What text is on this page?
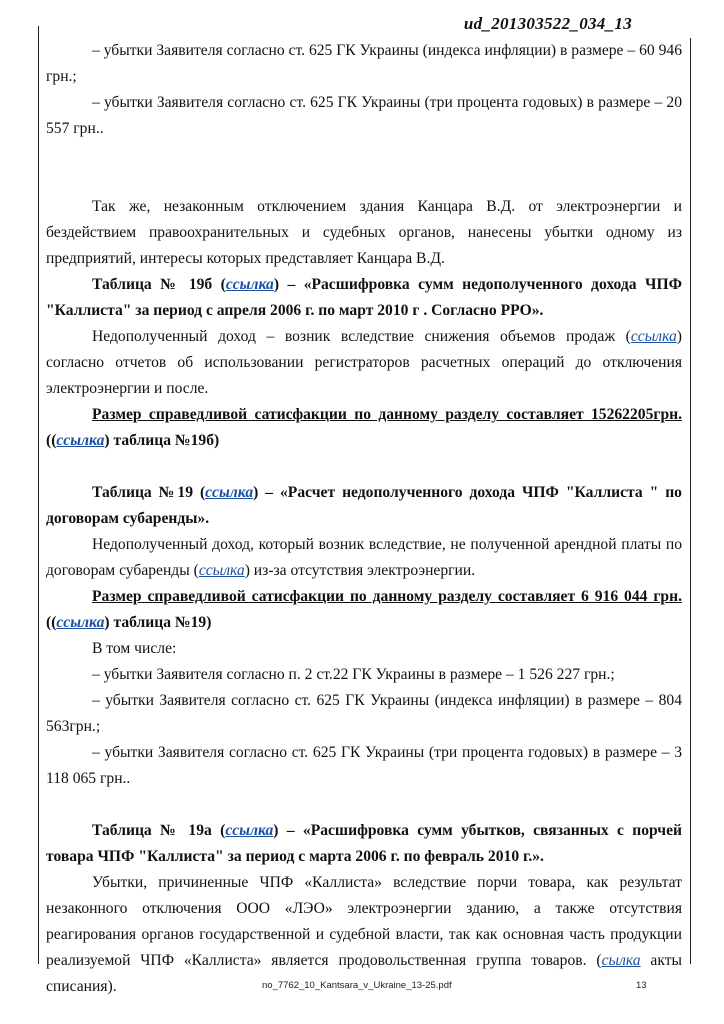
ud_201303522_034_13

– убытки Заявителя согласно ст. 625 ГК Украины (индекса инфляции) в размере – 60 946 грн.;

– убытки Заявителя согласно ст. 625 ГК Украины (три процента годовых) в размере – 20 557 грн..

Так же, незаконным отключением здания Канцара В.Д. от электроэнергии и бездействием правоохранительных и судебных органов, нанесены убытки одному из предприятий, интересы которых представляет Канцара В.Д.

Таблица № 19б (ссылка) – «Расшифровка сумм недополученного дохода ЧПФ "Каллиста" за период с апреля 2006 г. по март 2010 г . Согласно РРО».

Недополученный доход – возник вследствие снижения объемов продаж (ссылка) согласно отчетов об использовании регистраторов расчетных операций до отключения электроэнергии и после.

Размер справедливой сатисфакции по данному разделу составляет 15262205грн. ((ссылка) таблица №19б)

Таблица №19 (ссылка) – «Расчет недополученного дохода ЧПФ "Каллиста " по договорам субаренды».

Недополученный доход, который возник вследствие, не полученной арендной платы по договорам субаренды (ссылка) из-за отсутствия электроэнергии.

Размер справедливой сатисфакции по данному разделу составляет 6 916 044 грн. ((ссылка) таблица №19)

В том числе:

– убытки Заявителя согласно п. 2 ст.22 ГК Украины в размере – 1 526 227 грн.;

– убытки Заявителя согласно ст. 625 ГК Украины (индекса инфляции) в размере – 804 563грн.;

– убытки Заявителя согласно ст. 625 ГК Украины (три процента годовых) в размере – 3 118 065 грн..

Таблица № 19а (ссылка) – «Расшифровка сумм убытков, связанных с порчей товара ЧПФ "Каллиста" за период с марта 2006 г. по февраль 2010 г.».

Убытки, причиненные ЧПФ «Каллиста» вследствие порчи товара, как результат незаконного отключения ООО «ЛЭО» электроэнергии зданию, а также отсутствия реагирования органов государственной и судебной власти, так как основная часть продукции реализуемой ЧПФ «Каллиста» является продовольственная группа товаров. (сылка акты списания).	no_7762_10_Kantsara_v_Ukraine_13-25.pdf	13
